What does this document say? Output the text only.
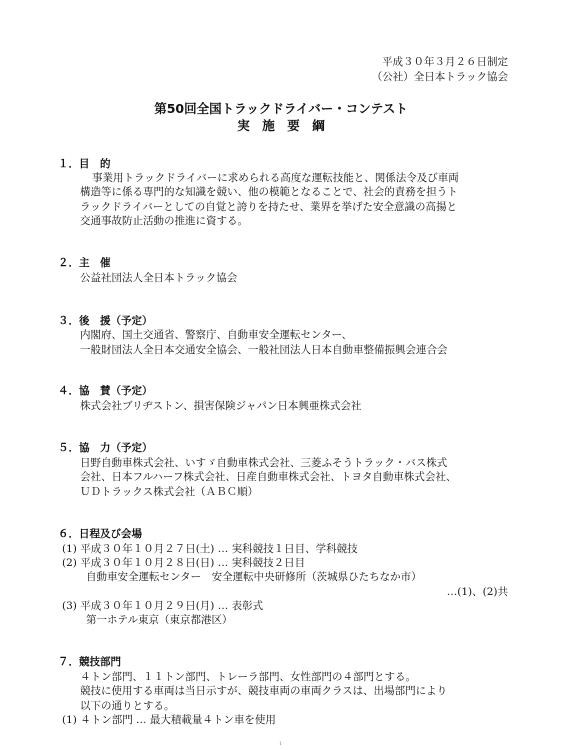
平成３０年３月２６日制定
（公社）全日本トラック協会
第50回全国トラックドライバー・コンテスト
実　施　要　綱
１．目　的
事業用トラックドライバーに求められる高度な運転技能と、関係法令及び車両
構造等に係る専門的な知識を競い、他の模範となることで、社会的責務を担うト
ラックドライバーとしての自覚と誇りを持たせ、業界を挙げた安全意識の高揚と
交通事故防止活動の推進に資する。
２．主　催
公益社団法人全日本トラック協会
３．後　援（予定）
内閣府、国土交通省、警察庁、自動車安全運転センター、
一般財団法人全日本交通安全協会、一般社団法人日本自動車整備振興会連合会
４．協　賛（予定）
株式会社ブリヂストン、損害保険ジャパン日本興亜株式会社
５．協　力（予定）
日野自動車株式会社、いすゞ自動車株式会社、三菱ふそうトラック・バス株式
会社、日本フルハーフ株式会社、日産自動車株式会社、トヨタ自動車株式会社、
ＵＤトラックス株式会社（ＡＢＣ順）
６．日程及び会場
(1) 平成３０年１０月２７日(土) … 実科競技１日目、学科競技
(2) 平成３０年１０月２８日(日) … 実科競技２日目
自動車安全運転センター　安全運転中央研修所（茨城県ひたちなか市）
…(1)、(2)共
(3) 平成３０年１０月２９日(月) … 表彰式
第一ホテル東京（東京都港区）
７．競技部門
４トン部門、１１トン部門、トレーラ部門、女性部門の４部門とする。
競技に使用する車両は当日示すが、競技車両の車両クラスは、出場部門により
以下の通りとする。
(1) ４トン部門 … 最大積載量４トン車を使用
1
